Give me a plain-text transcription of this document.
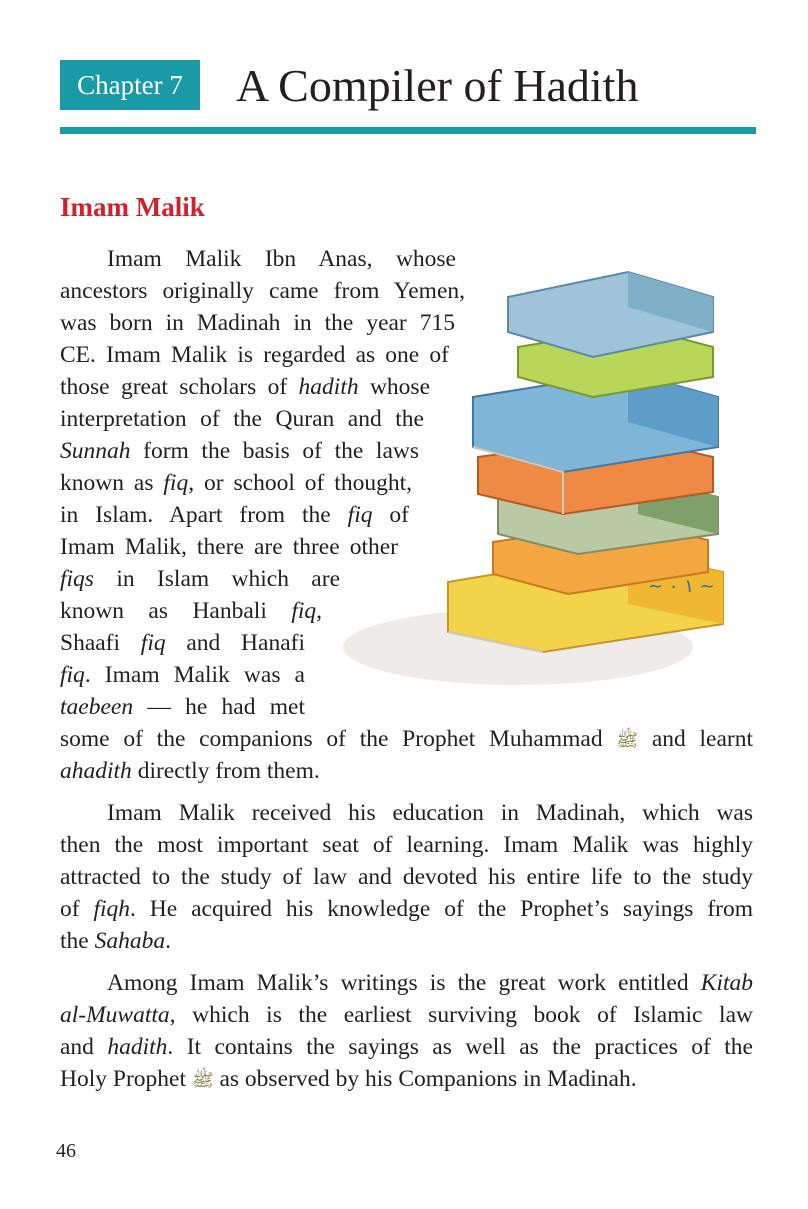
Chapter 7	A Compiler of Hadith
Imam Malik
~ ۰ ۱ ~
Imam Malik Ibn Anas, whose
ancestors originally came from Yemen,
was born in Madinah in the year 715
CE. Imam Malik is regarded as one of
those great scholars of hadith whose
interpretation of the Quran and the
Sunnah form the basis of the laws
known as fiq, or school of thought,
in Islam. Apart from the fiq of
Imam Malik, there are three other
fiqs in Islam which are
known as Hanbali fiq,
Shaafi fiq and Hanafi
fiq. Imam Malik was a
taebeen — he had met
some of the companions of the Prophet Muhammad ﷺ and learnt
ahadith directly from them.
Imam Malik received his education in Madinah, which was
then the most important seat of learning. Imam Malik was highly
attracted to the study of law and devoted his entire life to the study
of fiqh. He acquired his knowledge of the Prophet’s sayings from
the Sahaba.
Among Imam Malik’s writings is the great work entitled Kitab
al-Muwatta, which is the earliest surviving book of Islamic law
and hadith. It contains the sayings as well as the practices of the
Holy Prophet ﷺ as observed by his Companions in Madinah.
46
